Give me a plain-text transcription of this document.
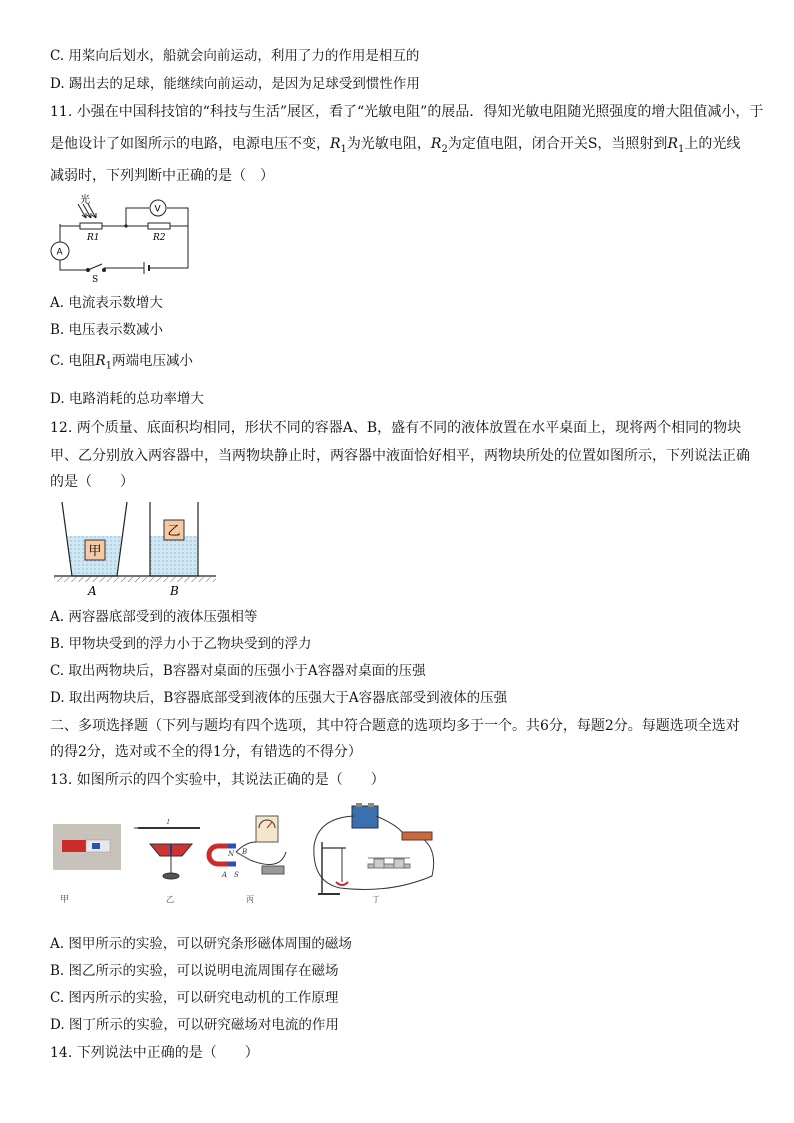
C. 用桨向后划水，船就会向前运动，利用了力的作用是相互的
D. 踢出去的足球，能继续向前运动，是因为足球受到惯性作用
11. 小强在中国科技馆的“科技与生活”展区，看了“光敏电阻”的展品．得知光敏电阻随光照强度的增大阻值减小，于
是他设计了如图所示的电路，电源电压不变，$R_1$为光敏电阻，$R_2$为定值电阻，闭合开关S，当照射到$R_1$上的光线
减弱时，下列判断中正确的是（　）
光
R1	R2
V
A
S
A. 电流表示数增大
B. 电压表示数减小
C. 电阻$R_1$两端电压减小
D. 电路消耗的总功率增大
12. 两个质量、底面积均相同，形状不同的容器A、B，盛有不同的液体放置在水平桌面上，现将两个相同的物块
甲、乙分别放入两容器中，当两物块静止时，两容器中液面恰好相平，两物块所处的位置如图所示，下列说法正确
的是（　　）
甲
乙
A	B
A. 两容器底部受到的液体压强相等
B. 甲物块受到的浮力小于乙物块受到的浮力
C. 取出两物块后，B容器对桌面的压强小于A容器对桌面的压强
D. 取出两物块后，B容器底部受到液体的压强大于A容器底部受到液体的压强
二、多项选择题（下列与题均有四个选项，其中符合题意的选项均多于一个。共6分，每题2分。每题选项全选对
的得2分，选对或不全的得1分，有错选的不得分）
13. 如图所示的四个实验中，其说法正确的是（　　）
I
N B
A S
甲	乙	丙	丁
A. 图甲所示的实验，可以研究条形磁体周围的磁场
B. 图乙所示的实验，可以说明电流周围存在磁场
C. 图丙所示的实验，可以研究电动机的工作原理
D. 图丁所示的实验，可以研究磁场对电流的作用
14. 下列说法中正确的是（　　）
